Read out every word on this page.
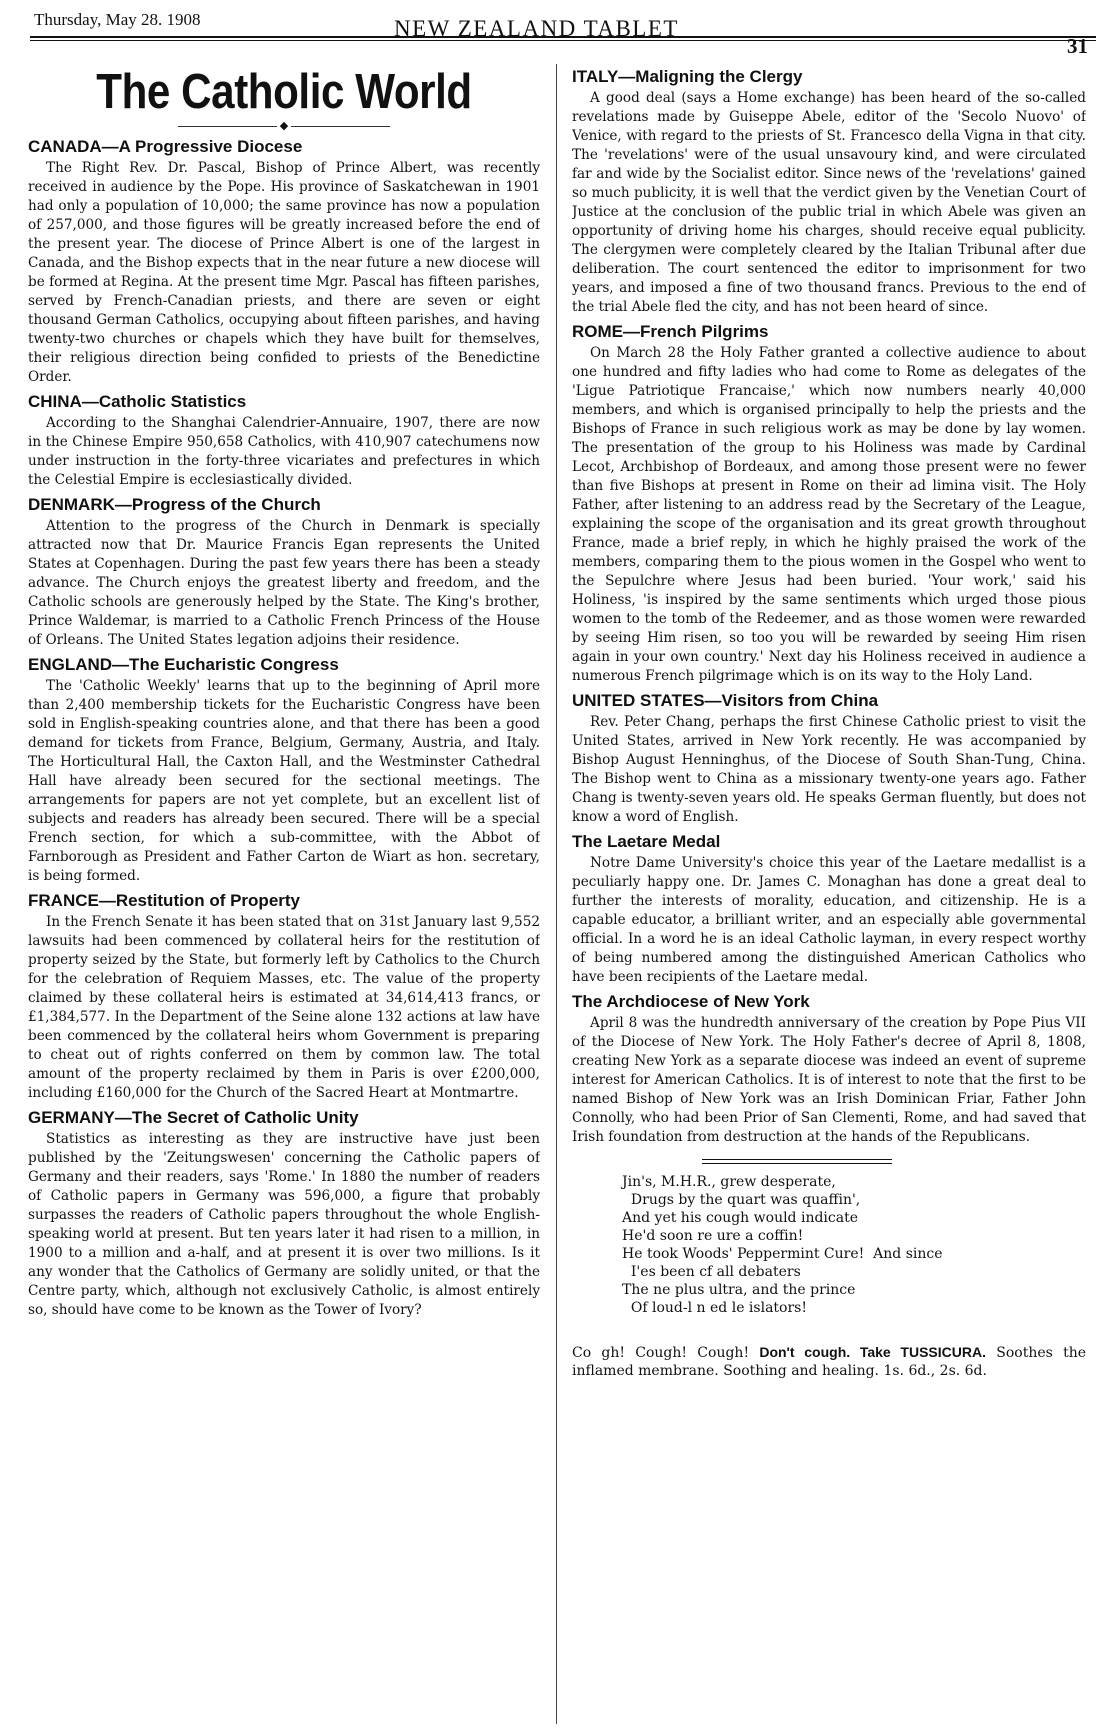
Thursday, May 28. 1908	NEW ZEALAND TABLET
31
The Catholic World
◆
CANADA—A Progressive Diocese

The Right Rev. Dr. Pascal, Bishop of Prince Albert, was recently received in audience by the Pope. His province of Saskatchewan in 1901 had only a population of 10,000; the same province has now a population of 257,000, and those figures will be greatly increased before the end of the present year. The diocese of Prince Albert is one of the largest in Canada, and the Bishop expects that in the near future a new diocese will be formed at Regina. At the present time Mgr. Pascal has fifteen parishes, served by French-Canadian priests, and there are seven or eight thousand German Catholics, occupying about fifteen parishes, and having twenty-two churches or chapels which they have built for themselves, their religious direction being confided to priests of the Benedictine Order.

CHINA—Catholic Statistics

According to the Shanghai Calendrier-Annuaire, 1907, there are now in the Chinese Empire 950,658 Catholics, with 410,907 catechumens now under instruction in the forty-three vicariates and prefectures in which the Celestial Empire is ecclesiastically divided.

DENMARK—Progress of the Church

Attention to the progress of the Church in Denmark is specially attracted now that Dr. Maurice Francis Egan represents the United States at Copenhagen. During the past few years there has been a steady advance. The Church enjoys the greatest liberty and freedom, and the Catholic schools are generously helped by the State. The King's brother, Prince Waldemar, is married to a Catholic French Princess of the House of Orleans. The United States legation adjoins their residence.

ENGLAND—The Eucharistic Congress

The 'Catholic Weekly' learns that up to the beginning of April more than 2,400 membership tickets for the Eucharistic Congress have been sold in English-speaking countries alone, and that there has been a good demand for tickets from France, Belgium, Germany, Austria, and Italy. The Horticultural Hall, the Caxton Hall, and the Westminster Cathedral Hall have already been secured for the sectional meetings. The arrangements for papers are not yet complete, but an excellent list of subjects and readers has already been secured. There will be a special French section, for which a sub-committee, with the Abbot of Farnborough as President and Father Carton de Wiart as hon. secretary, is being formed.

FRANCE—Restitution of Property

In the French Senate it has been stated that on 31st January last 9,552 lawsuits had been commenced by collateral heirs for the restitution of property seized by the State, but formerly left by Catholics to the Church for the celebration of Requiem Masses, etc. The value of the property claimed by these collateral heirs is estimated at 34,614,413 francs, or £1,384,577. In the Department of the Seine alone 132 actions at law have been commenced by the collateral heirs whom Government is preparing to cheat out of rights conferred on them by common law. The total amount of the property reclaimed by them in Paris is over £200,000, including £160,000 for the Church of the Sacred Heart at Montmartre.

GERMANY—The Secret of Catholic Unity

Statistics as interesting as they are instructive have just been published by the 'Zeitungswesen' concerning the Catholic papers of Germany and their readers, says 'Rome.' In 1880 the number of readers of Catholic papers in Germany was 596,000, a figure that probably surpasses the readers of Catholic papers throughout the whole English-speaking world at present. But ten years later it had risen to a million, in 1900 to a million and a-half, and at present it is over two millions. Is it any wonder that the Catholics of Germany are solidly united, or that the Centre party, which, although not exclusively Catholic, is almost entirely so, should have come to be known as the Tower of Ivory?

ITALY—Maligning the Clergy

A good deal (says a Home exchange) has been heard of the so-called revelations made by Guiseppe Abele, editor of the 'Secolo Nuovo' of Venice, with regard to the priests of St. Francesco della Vigna in that city. The 'revelations' were of the usual unsavoury kind, and were circulated far and wide by the Socialist editor. Since news of the 'revelations' gained so much publicity, it is well that the verdict given by the Venetian Court of Justice at the conclusion of the public trial in which Abele was given an opportunity of driving home his charges, should receive equal publicity. The clergymen were completely cleared by the Italian Tribunal after due deliberation. The court sentenced the editor to imprisonment for two years, and imposed a fine of two thousand francs. Previous to the end of the trial Abele fled the city, and has not been heard of since.

ROME—French Pilgrims

On March 28 the Holy Father granted a collective audience to about one hundred and fifty ladies who had come to Rome as delegates of the 'Ligue Patriotique Francaise,' which now numbers nearly 40,000 members, and which is organised principally to help the priests and the Bishops of France in such religious work as may be done by lay women. The presentation of the group to his Holiness was made by Cardinal Lecot, Archbishop of Bordeaux, and among those present were no fewer than five Bishops at present in Rome on their ad limina visit. The Holy Father, after listening to an address read by the Secretary of the League, explaining the scope of the organisation and its great growth throughout France, made a brief reply, in which he highly praised the work of the members, comparing them to the pious women in the Gospel who went to the Sepulchre where Jesus had been buried. 'Your work,' said his Holiness, 'is inspired by the same sentiments which urged those pious women to the tomb of the Redeemer, and as those women were rewarded by seeing Him risen, so too you will be rewarded by seeing Him risen again in your own country.' Next day his Holiness received in audience a numerous French pilgrimage which is on its way to the Holy Land.

UNITED STATES—Visitors from China

Rev. Peter Chang, perhaps the first Chinese Catholic priest to visit the United States, arrived in New York recently. He was accompanied by Bishop August Henninghus, of the Diocese of South Shan-Tung, China. The Bishop went to China as a missionary twenty-one years ago. Father Chang is twenty-seven years old. He speaks German fluently, but does not know a word of English.

The Laetare Medal

Notre Dame University's choice this year of the Laetare medallist is a peculiarly happy one. Dr. James C. Monaghan has done a great deal to further the interests of morality, education, and citizenship. He is a capable educator, a brilliant writer, and an especially able governmental official. In a word he is an ideal Catholic layman, in every respect worthy of being numbered among the distinguished American Catholics who have been recipients of the Laetare medal.

The Archdiocese of New York

April 8 was the hundredth anniversary of the creation by Pope Pius VII of the Diocese of New York. The Holy Father's decree of April 8, 1808, creating New York as a separate diocese was indeed an event of supreme interest for American Catholics. It is of interest to note that the first to be named Bishop of New York was an Irish Dominican Friar, Father John Connolly, who had been Prior of San Clementi, Rome, and had saved that Irish foundation from destruction at the hands of the Republicans.

Jin's, M.H.R., grew desperate,
Drugs by the quart was quaffin',
And yet his cough would indicate
He'd soon re ure a coffin!
He took Woods' Peppermint Cure!  And since
I'es been cf all debaters
The ne plus ultra, and the prince
Of loud-l n ed le islators!

Co gh! Cough! Cough! Don't cough. Take TUSSICURA. Soothes the inflamed membrane. Soothing and healing. 1s. 6d., 2s. 6d.
